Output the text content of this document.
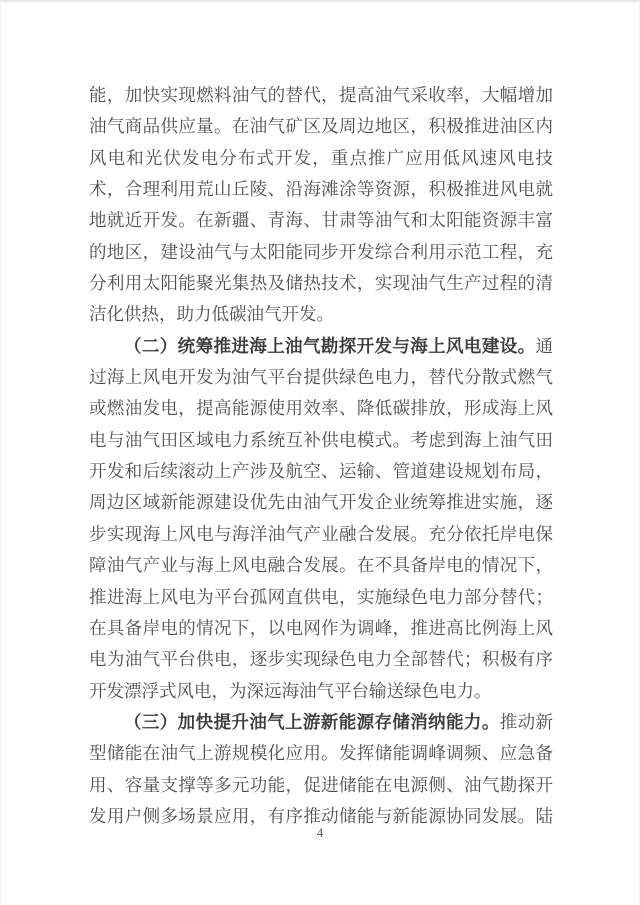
能，加快实现燃料油气的替代，提高油气采收率，大幅增加
油气商品供应量。在油气矿区及周边地区，积极推进油区内
风电和光伏发电分布式开发，重点推广应用低风速风电技
术，合理利用荒山丘陵、沿海滩涂等资源，积极推进风电就
地就近开发。在新疆、青海、甘肃等油气和太阳能资源丰富
的地区，建设油气与太阳能同步开发综合利用示范工程，充
分利用太阳能聚光集热及储热技术，实现油气生产过程的清
洁化供热，助力低碳油气开发。
（二）统筹推进海上油气勘探开发与海上风电建设。通
过海上风电开发为油气平台提供绿色电力，替代分散式燃气
或燃油发电，提高能源使用效率、降低碳排放，形成海上风
电与油气田区域电力系统互补供电模式。考虑到海上油气田
开发和后续滚动上产涉及航空、运输、管道建设规划布局，
周边区域新能源建设优先由油气开发企业统筹推进实施，逐
步实现海上风电与海洋油气产业融合发展。充分依托岸电保
障油气产业与海上风电融合发展。在不具备岸电的情况下，
推进海上风电为平台孤网直供电，实施绿色电力部分替代；
在具备岸电的情况下，以电网作为调峰，推进高比例海上风
电为油气平台供电，逐步实现绿色电力全部替代；积极有序
开发漂浮式风电，为深远海油气平台输送绿色电力。
（三）加快提升油气上游新能源存储消纳能力。推动新
型储能在油气上游规模化应用。发挥储能调峰调频、应急备
用、容量支撑等多元功能，促进储能在电源侧、油气勘探开
发用户侧多场景应用，有序推动储能与新能源协同发展。陆
4
